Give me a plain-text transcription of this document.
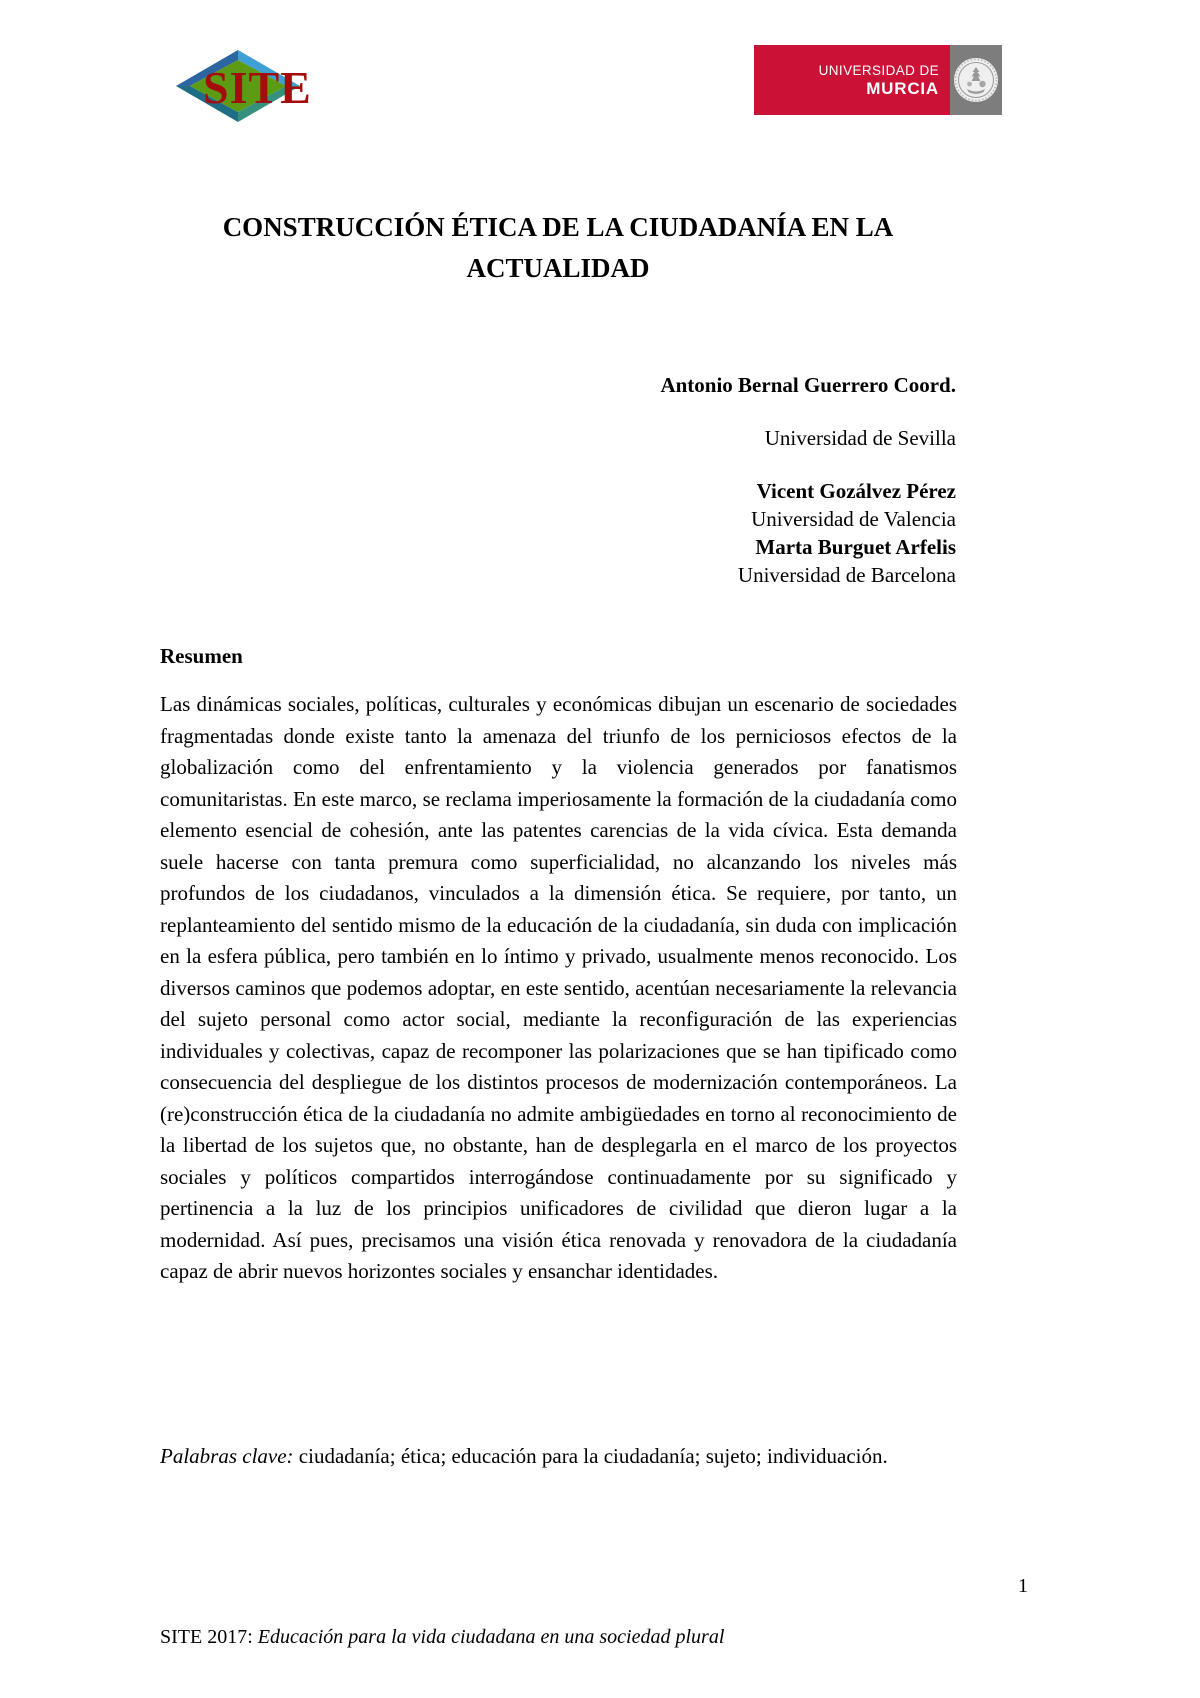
SITE	UNIVERSIDAD DE
MURCIA
CONSTRUCCIÓN ÉTICA DE LA CIUDADANÍA EN LA
ACTUALIDAD
Antonio Bernal Guerrero Coord.
Universidad de Sevilla
Vicent Gozálvez Pérez
Universidad de Valencia
Marta Burguet Arfelis
Universidad de Barcelona
Resumen
Las dinámicas sociales, políticas, culturales y económicas dibujan un escenario de sociedades fragmentadas donde existe tanto la amenaza del triunfo de los perniciosos efectos de la globalización como del enfrentamiento y la violencia generados por fanatismos comunitaristas. En este marco, se reclama imperiosamente la formación de la ciudadanía como elemento esencial de cohesión, ante las patentes carencias de la vida cívica. Esta demanda suele hacerse con tanta premura como superficialidad, no alcanzando los niveles más profundos de los ciudadanos, vinculados a la dimensión ética. Se requiere, por tanto, un replanteamiento del sentido mismo de la educación de la ciudadanía, sin duda con implicación en la esfera pública, pero también en lo íntimo y privado, usualmente menos reconocido. Los diversos caminos que podemos adoptar, en este sentido, acentúan necesariamente la relevancia del sujeto personal como actor social, mediante la reconfiguración de las experiencias individuales y colectivas, capaz de recomponer las polarizaciones que se han tipificado como consecuencia del despliegue de los distintos procesos de modernización contemporáneos. La (re)construcción ética de la ciudadanía no admite ambigüedades en torno al reconocimiento de la libertad de los sujetos que, no obstante, han de desplegarla en el marco de los proyectos sociales y políticos compartidos interrogándose continuadamente por su significado y pertinencia a la luz de los principios unificadores de civilidad que dieron lugar a la modernidad. Así pues, precisamos una visión ética renovada y renovadora de la ciudadanía capaz de abrir nuevos horizontes sociales y ensanchar identidades.
Palabras clave: ciudadanía; ética; educación para la ciudadanía; sujeto; individuación.
1
SITE 2017: Educación para la vida ciudadana en una sociedad plural
